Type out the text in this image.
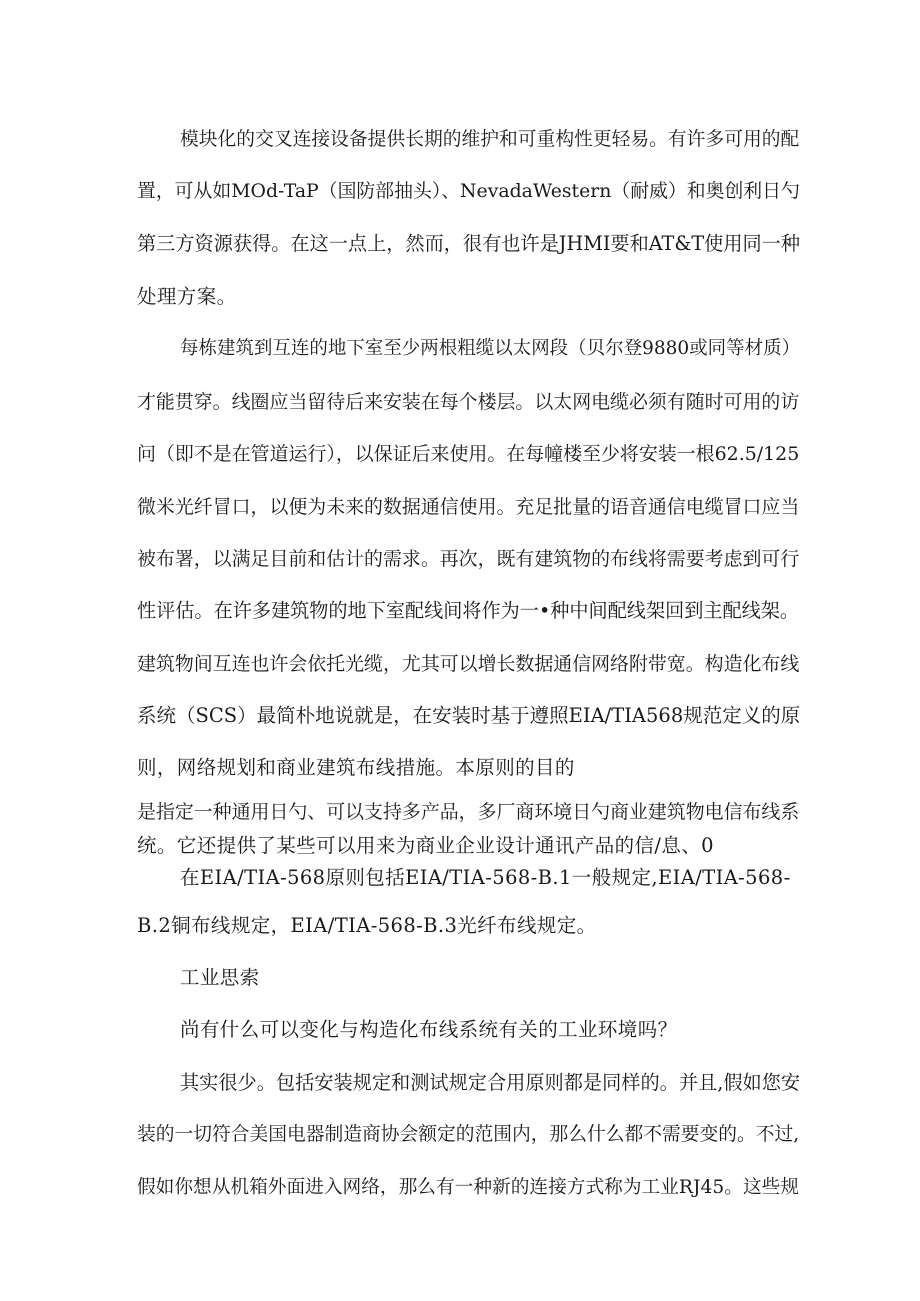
模块化的交叉连接设备提供长期的维护和可重构性更轻易。有许多可用的配
置，可从如MOd-TaP（国防部抽头）、NevadaWestern（耐威）和奥创利日勺
第三方资源获得。在这一点上，然而，很有也许是JHMI要和AT&T使用同一种
处理方案。
每栋建筑到互连的地下室至少两根粗缆以太网段（贝尔登9880或同等材质）
才能贯穿。线圈应当留待后来安装在每个楼层。以太网电缆必须有随时可用的访
问（即不是在管道运行），以保证后来使用。在每幢楼至少将安装一根62.5/125
微米光纤冒口，以便为未来的数据通信使用。充足批量的语音通信电缆冒口应当
被布署，以满足目前和估计的需求。再次，既有建筑物的布线将需要考虑到可行
性评估。在许多建筑物的地下室配线间将作为一•种中间配线架回到主配线架。
建筑物间互连也许会依托光缆，尤其可以增长数据通信网络附带宽。构造化布线
系统（SCS）最简朴地说就是，在安装时基于遵照EIA/TIA568规范定义的原
则，网络规划和商业建筑布线措施。本原则的目的
是指定一种通用日勺、可以支持多产品，多厂商环境日勺商业建筑物电信布线系
统。它还提供了某些可以用来为商业企业设计通讯产品的信/息、0
在EIA/TIA-568原则包括EIA/TIA-568-B.1一般规定,EIA/TIA-568-
B.2铜布线规定，EIA/TIA-568-B.3光纤布线规定。
工业思索
尚有什么可以变化与构造化布线系统有关的工业环境吗？
其实很少。包括安装规定和测试规定合用原则都是同样的。并且,假如您安
装的一切符合美国电器制造商协会额定的范围内，那么什么都不需要变的。不过,
假如你想从机箱外面进入网络，那么有一种新的连接方式称为工业RJ45。这些规
